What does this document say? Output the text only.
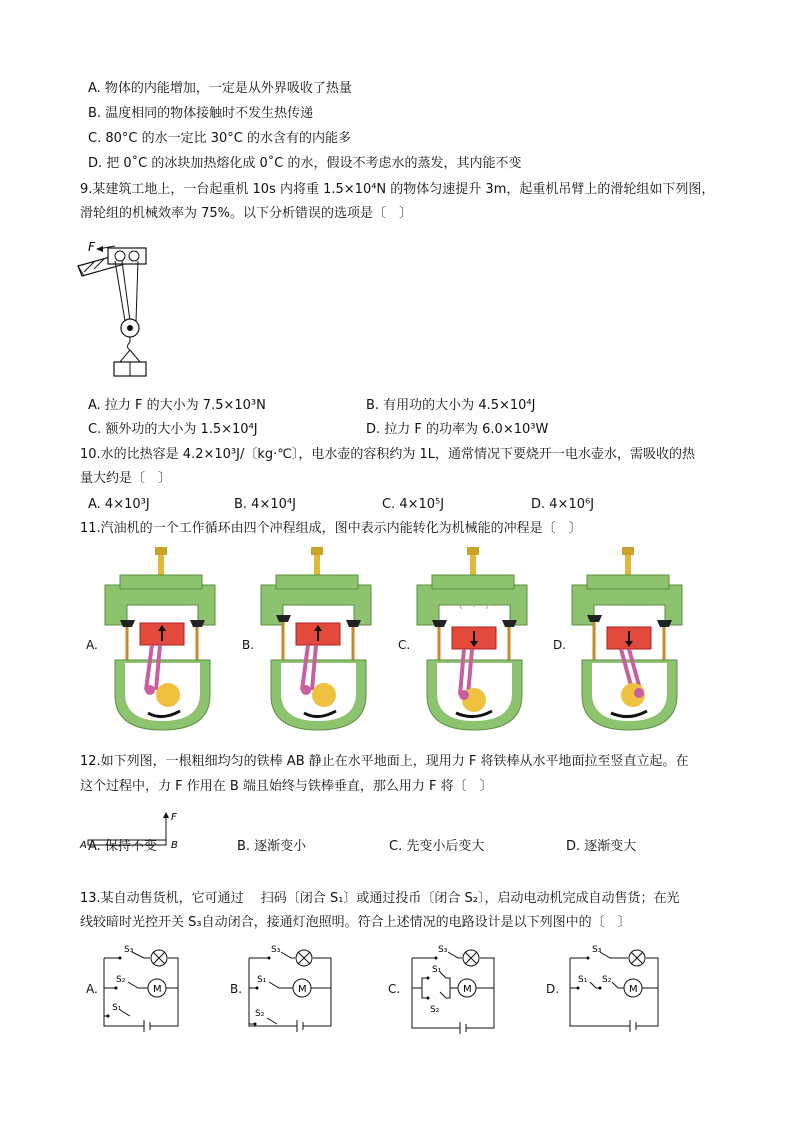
A. 物体的内能增加，一定是从外界吸收了热量
B. 温度相同的物体接触时不发生热传递
C. 80°C 的水一定比 30°C 的水含有的内能多
D. 把 0˚C 的冰块加热熔化成 0˚C 的水，假设不考虑水的蒸发，其内能不变
9.某建筑工地上，一台起重机 10s 内将重 1.5×10⁴N 的物体匀速提升 3m，起重机吊臂上的滑轮组如下列图，
滑轮组的机械效率为 75%。以下分析错误的选项是〔　〕
F
A. 拉力 F 的大小为 7.5×10³N	B. 有用功的大小为 4.5×10⁴J
C. 额外功的大小为 1.5×10⁴J	D. 拉力 F 的功率为 6.0×10³W
10.水的比热容是 4.2×10³J/〔kg·℃〕，电水壶的容积约为 1L，通常情况下要烧开一电水壶水，需吸收的热
量大约是〔　〕
A. 4×10³J	B. 4×10⁴J	C. 4×10⁵J	D. 4×10⁶J
11.汽油机的一个工作循环由四个冲程组成，图中表示内能转化为机械能的冲程是〔　〕
A.	B.	C.	D.
12.如下列图，一根粗细均匀的铁棒 AB 静止在水平地面上，现用力 F 将铁棒从水平地面拉至竖直立起。在
这个过程中，力 F 作用在 B 端且始终与铁棒垂直，那么用力 F 将〔　〕
A	B
F
A. 保持不变	B. 逐渐变小	C. 先变小后变大	D. 逐渐变大
13.某自动售货机，它可通过　 扫码〔闭合 S₁〕或通过投币〔闭合 S₂〕，启动电动机完成自动售货；在光
线较暗时光控开关 S₃自动闭合，接通灯泡照明。符合上述情况的电路设计是以下列图中的〔　〕
A.	B.	C.	D.
S₃
S₂
S₁
M
S₃
S₁
S₂
M
S₃
S₁
S₂
M
S₃
S₁ S₂
M
